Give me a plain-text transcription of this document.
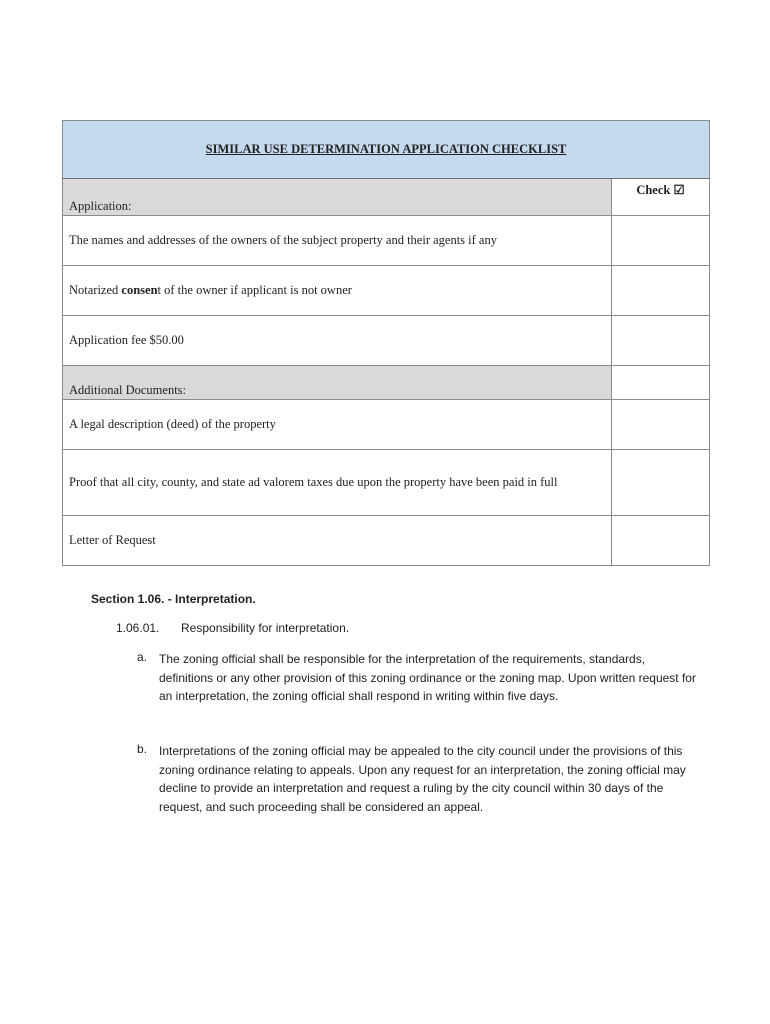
SIMILAR USE DETERMINATION APPLICATION CHECKLIST	
Application:	Check ☑
The names and addresses of the owners of the subject property and their agents if any	
Notarized consent of the owner if applicant is not owner	
Application fee $50.00	
Additional Documents:	
A legal description (deed) of the property	
Proof that all city, county, and state ad valorem taxes due upon the property have been paid in full	
Letter of Request	
Section 1.06. - Interpretation.
1.06.01. Responsibility for interpretation.
a. The zoning official shall be responsible for the interpretation of the requirements, standards, definitions or any other provision of this zoning ordinance or the zoning map. Upon written request for an interpretation, the zoning official shall respond in writing within five days.
b. Interpretations of the zoning official may be appealed to the city council under the provisions of this zoning ordinance relating to appeals. Upon any request for an interpretation, the zoning official may decline to provide an interpretation and request a ruling by the city council within 30 days of the request, and such proceeding shall be considered an appeal.
